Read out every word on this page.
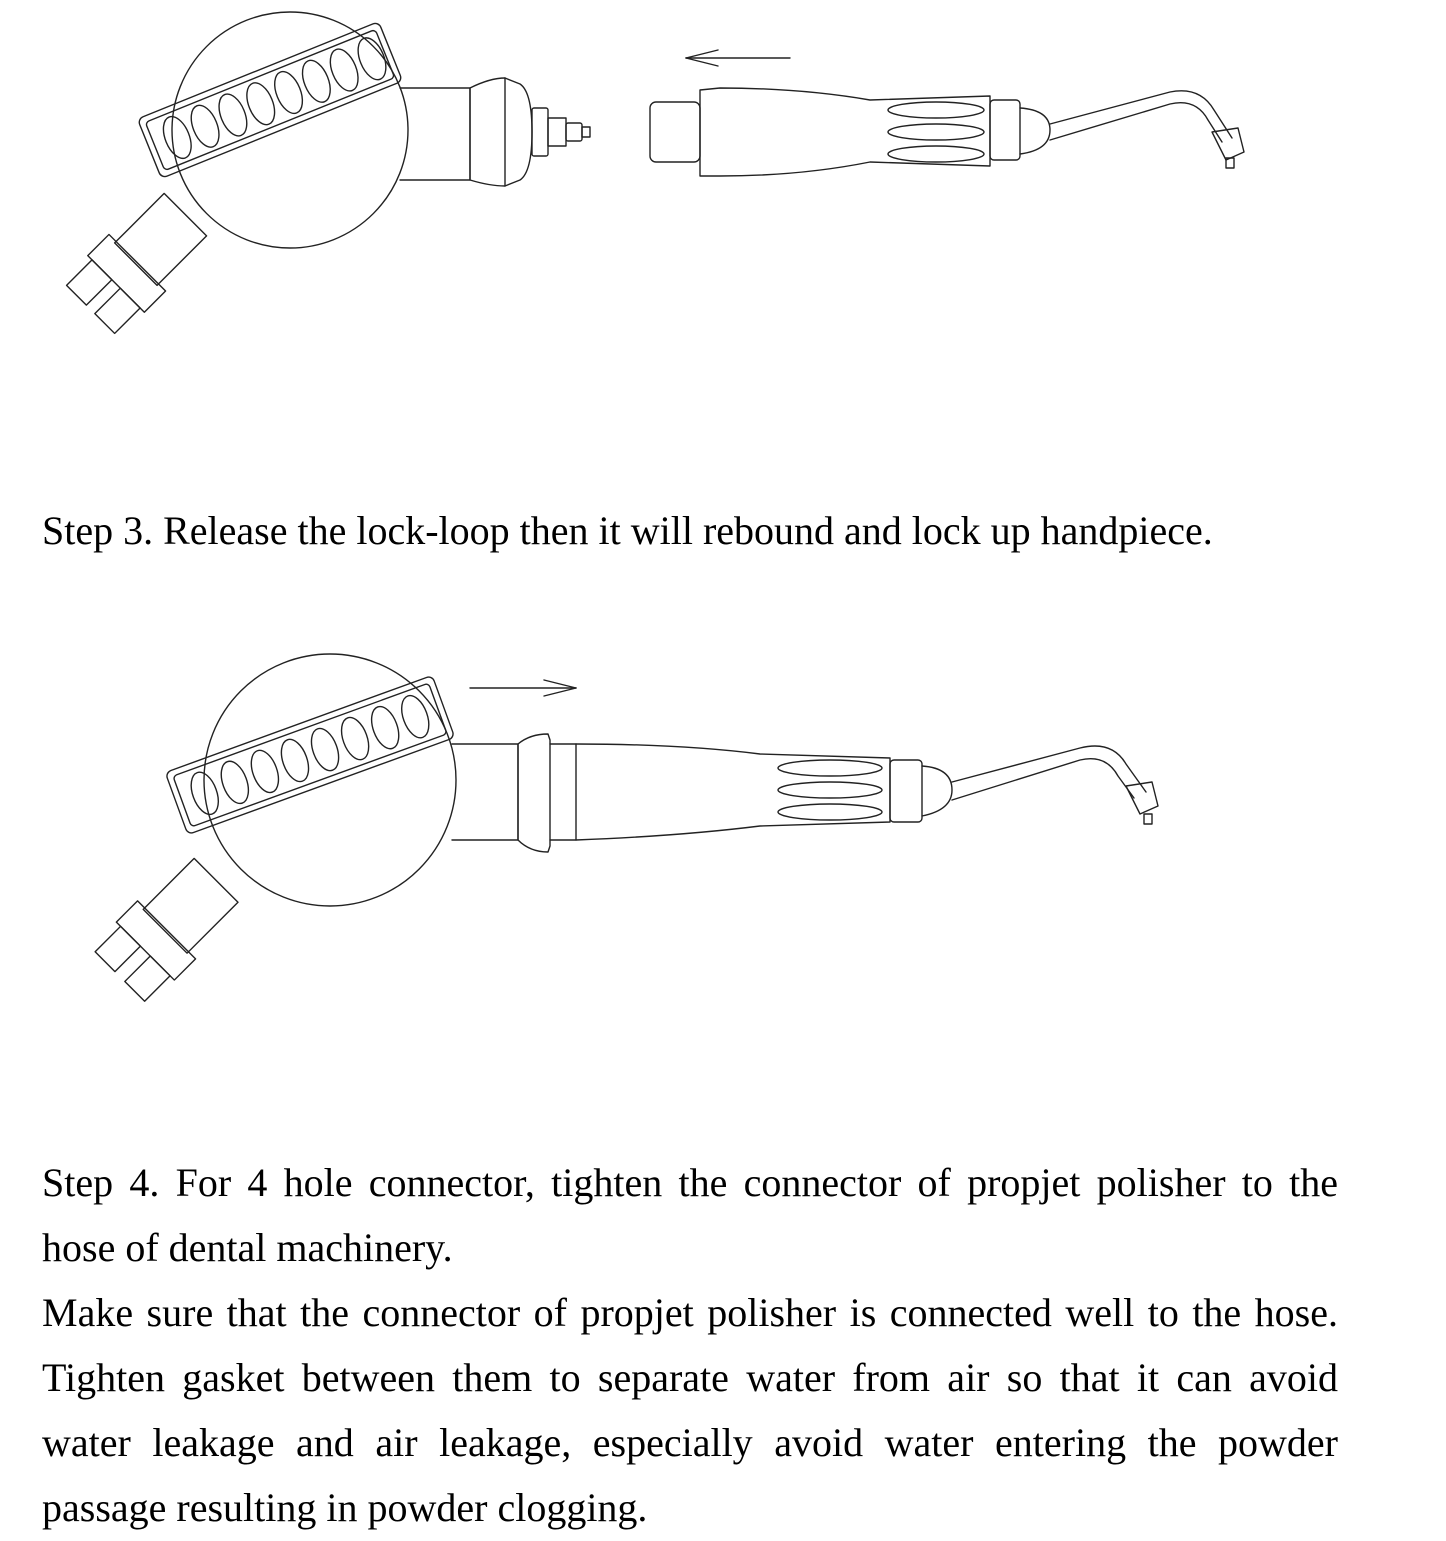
Step 3. Release the lock-loop then it will rebound and lock up handpiece.

Step 4. For 4 hole connector, tighten the connector of propjet polisher to the hose of dental machinery.

Make sure that the connector of propjet polisher is connected well to the hose. Tighten gasket between them to separate water from air so that it can avoid water leakage and air leakage, especially avoid water entering the powder passage resulting in powder clogging.
